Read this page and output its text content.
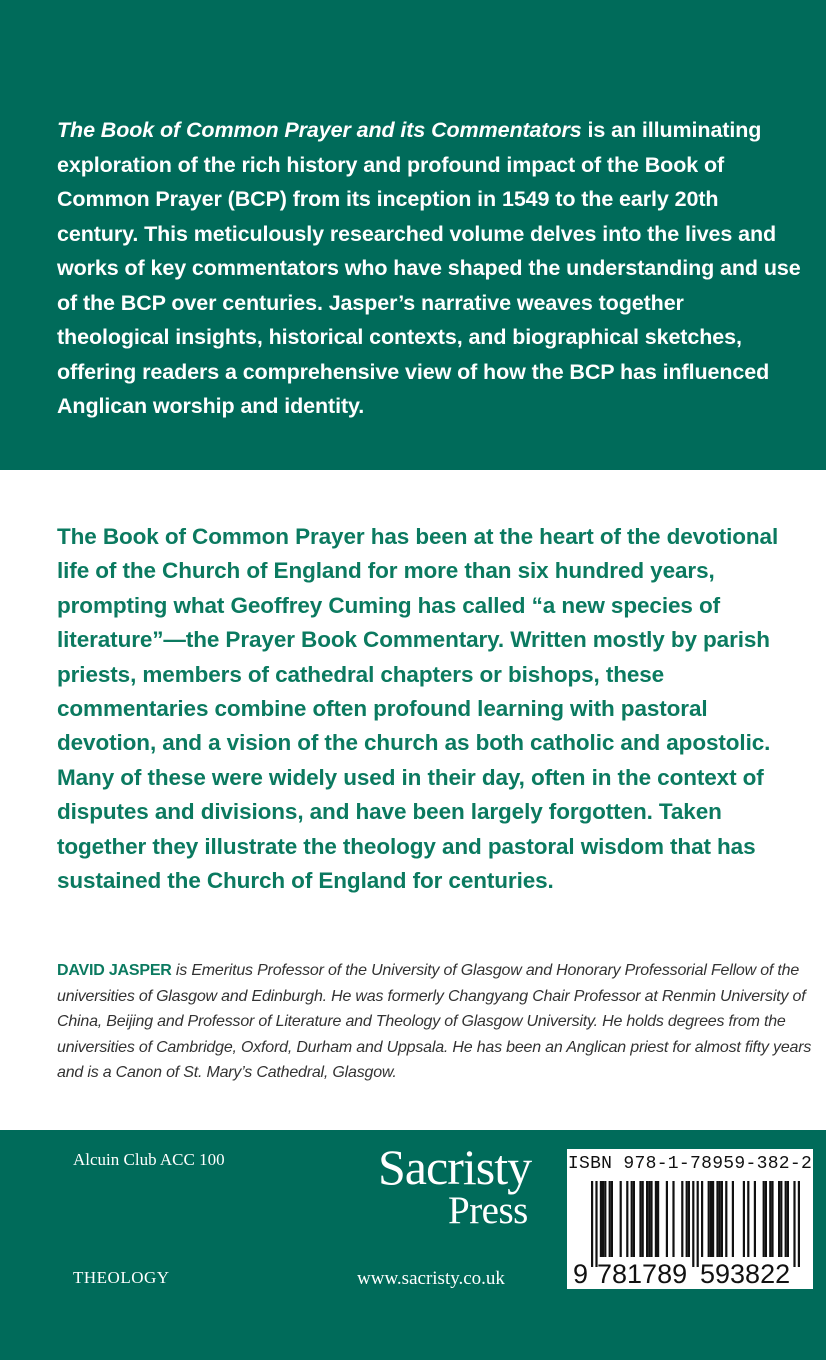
The Book of Common Prayer and its Commentators is an illuminating exploration of the rich history and profound impact of the Book of Common Prayer (BCP) from its inception in 1549 to the early 20th century. This meticulously researched volume delves into the lives and works of key commentators who have shaped the understanding and use of the BCP over centuries. Jasper’s narrative weaves together theological insights, historical contexts, and biographical sketches, offering readers a comprehensive view of how the BCP has influenced Anglican worship and identity.

The Book of Common Prayer has been at the heart of the devotional life of the Church of England for more than six hundred years, prompting what Geoffrey Cuming has called “a new species of literature”—the Prayer Book Commentary. Written mostly by parish priests, members of cathedral chapters or bishops, these commentaries combine often profound learning with pastoral devotion, and a vision of the church as both catholic and apostolic. Many of these were widely used in their day, often in the context of disputes and divisions, and have been largely forgotten. Taken together they illustrate the theology and pastoral wisdom that has sustained the Church of England for centuries.

DAVID JASPER is Emeritus Professor of the University of Glasgow and Honorary Professorial Fellow of the universities of Glasgow and Edinburgh. He was formerly Changyang Chair Professor at Renmin University of China, Beijing and Professor of Literature and Theology of Glasgow University. He holds degrees from the universities of Cambridge, Oxford, Durham and Uppsala. He has been an Anglican priest for almost fifty years and is a Canon of St. Mary’s Cathedral, Glasgow.

Alcuin Club ACC 100
THEOLOGY
Sacristy
Press
www.sacristy.co.uk
ISBN 978-1-78959-382-2
9 781789 593822
